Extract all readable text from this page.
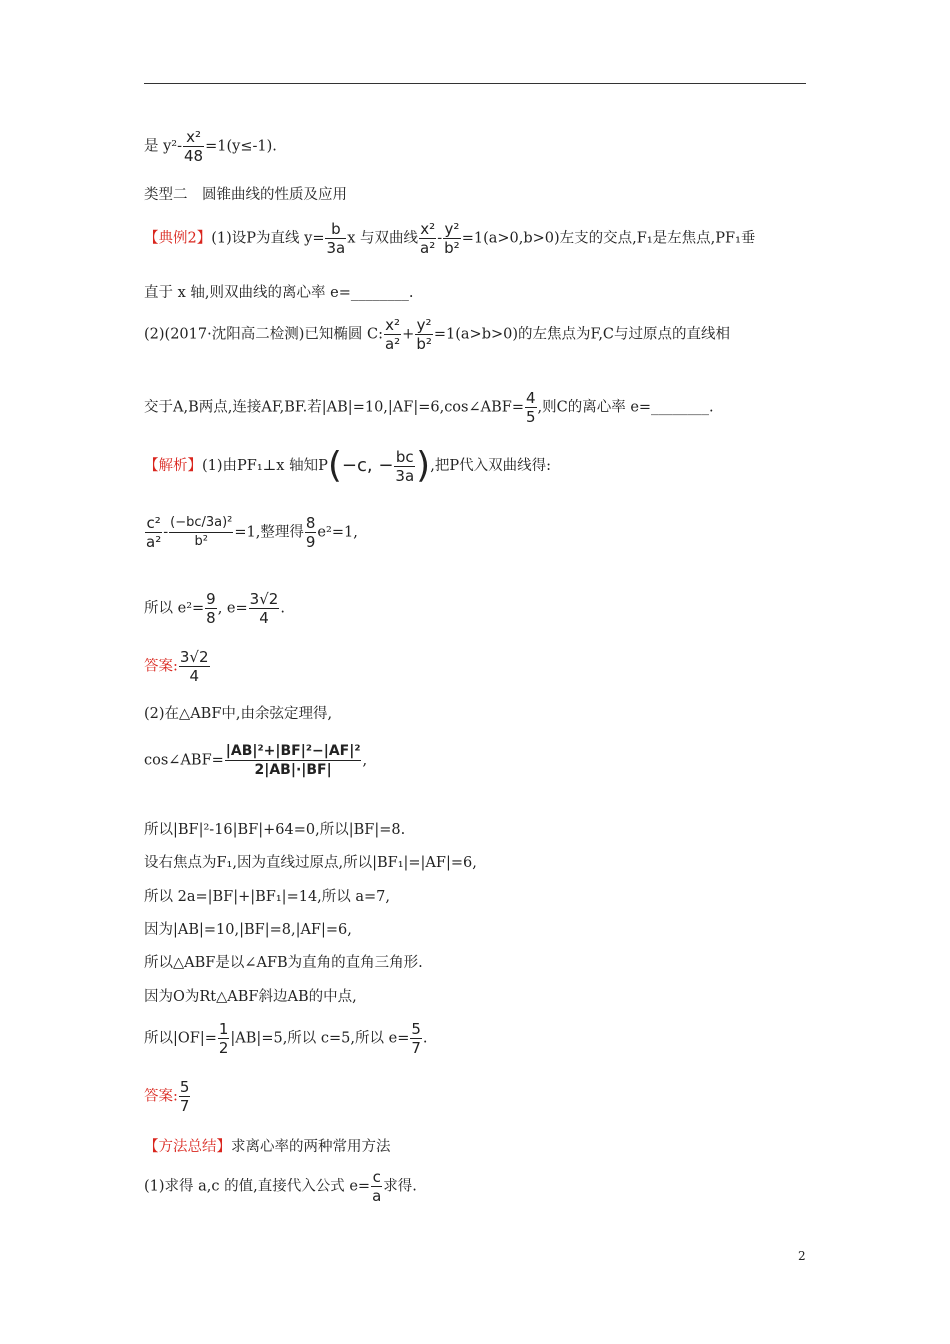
是 $y^2- \frac{\text{x²}}{48} =1(y\le-1)$.
类型二　圆锥曲线的性质及应用
【典例2】(1)设P为直线 $y= \frac{b}{3a}$ x 与双曲线 $\frac{\text{x²}}{\text{a²}} - \frac{\text{y²}}{\text{b²}} =1(a>0,b>0)$左支的交点,F₁是左焦点,PF₁垂
直于 x 轴,则双曲线的离心率 e=________.
(2)(2017·沈阳高二检测)已知椭圆 C: $\frac{\text{x²}}{\text{a²}} + \frac{\text{y²}}{\text{b²}} =1(a>b>0)$的左焦点为F,C与过原点的直线相
交于A,B两点,连接AF,BF.若|AB|=10,|AF|=6,cos∠ABF= $\frac{4}{5}$ ,则C的离心率 e=________.
【解析】(1)由PF₁⊥x 轴知P(−c, − $\frac{bc}{3a}$ ),把P代入双曲线得:
$\frac{\text{c²}}{\text{a²}} - \frac{\text{(−bc/3a)²}}{\text{b²}} =1$,整理得 $\frac{8}{9} e^2=1$,
所以 $e^2= \frac{9}{8}$ , $e= \frac{3√2}{4}$ .
答案: $\frac{3√2}{4}$
(2)在△ABF中,由余弦定理得,
cos∠ABF= $\frac{\text{|AB|²+|BF|²−|AF|²}}{2|AB|\cdot|BF|}$ ,
所以|BF|²-16|BF|+64=0,所以|BF|=8.
设右焦点为F₁,因为直线过原点,所以|BF₁|=|AF|=6,
所以 2a=|BF|+|BF₁|=14,所以 a=7,
因为|AB|=10,|BF|=8,|AF|=6,
所以△ABF是以∠AFB为直角的直角三角形.
因为O为Rt△ABF斜边AB的中点,
所以$|OF|= \frac{1}{2} |AB|=5$,所以 c=5,所以 $e= \frac{5}{7}$ .
答案: $\frac{5}{7}$
【方法总结】求离心率的两种常用方法
(1)求得 a,c 的值,直接代入公式 $e= \frac{c}{a}$ 求得.
2
